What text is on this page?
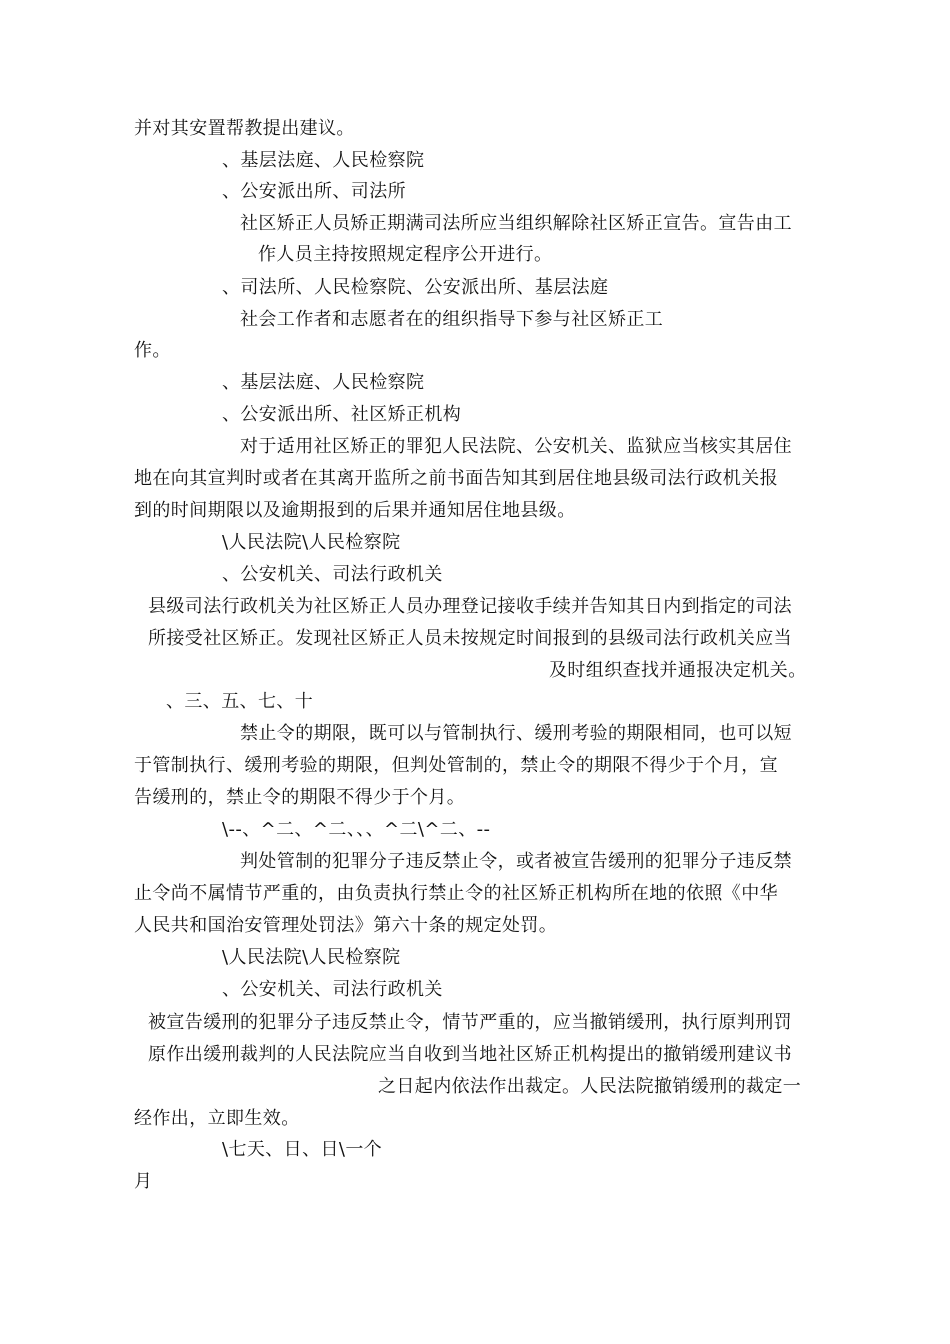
并对其安置帮教提出建议。
、基层法庭、人民检察院
、公安派出所、司法所
社区矫正人员矫正期满司法所应当组织解除社区矫正宣告。宣告由工
作人员主持按照规定程序公开进行。
、司法所、人民检察院、公安派出所、基层法庭
社会工作者和志愿者在的组织指导下参与社区矫正工
作。
、基层法庭、人民检察院
、公安派出所、社区矫正机构
对于适用社区矫正的罪犯人民法院、公安机关、监狱应当核实其居住
地在向其宣判时或者在其离开监所之前书面告知其到居住地县级司法行政机关报
到的时间期限以及逾期报到的后果并通知居住地县级。
\人民法院\人民检察院
、公安机关、司法行政机关
县级司法行政机关为社区矫正人员办理登记接收手续并告知其日内到指定的司法
所接受社区矫正。发现社区矫正人员未按规定时间报到的县级司法行政机关应当
及时组织查找并通报决定机关。
、三、五、七、十
禁止令的期限，既可以与管制执行、缓刑考验的期限相同，也可以短
于管制执行、缓刑考验的期限，但判处管制的，禁止令的期限不得少于个月，宣
告缓刑的，禁止令的期限不得少于个月。
\--、^二、^二、、、^二\^二、--
判处管制的犯罪分子违反禁止令，或者被宣告缓刑的犯罪分子违反禁
止令尚不属情节严重的，由负责执行禁止令的社区矫正机构所在地的依照《中华
人民共和国治安管理处罚法》第六十条的规定处罚。
\人民法院\人民检察院
、公安机关、司法行政机关
被宣告缓刑的犯罪分子违反禁止令，情节严重的，应当撤销缓刑，执行原判刑罚
原作出缓刑裁判的人民法院应当自收到当地社区矫正机构提出的撤销缓刑建议书
之日起内依法作出裁定。人民法院撤销缓刑的裁定一
经作出，立即生效。
\七天、日、日\一个
月
